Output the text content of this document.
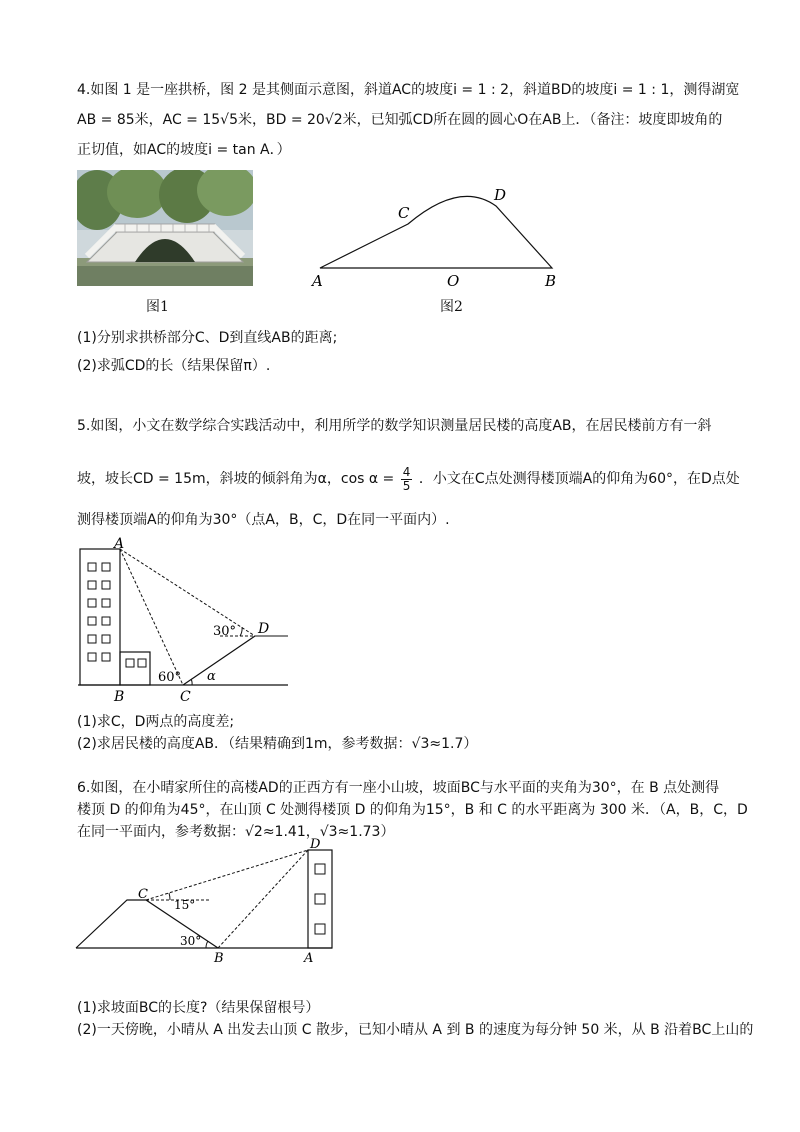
4.如图 1 是一座拱桥，图 2 是其侧面示意图，斜道AC的坡度i = 1 : 2，斜道BD的坡度i = 1 : 1，测得湖宽
AB = 85米，AC = 15√5米，BD = 20√2米，已知弧CD所在圆的圆心O在AB上．（备注：坡度即坡角的
正切值，如AC的坡度i = tan A．）
图1
A	O	B
C
D
图2
(1)分别求拱桥部分C、D到直线AB的距离;
(2)求弧CD的长（结果保留π）.
5.如图，小文在数学综合实践活动中，利用所学的数学知识测量居民楼的高度AB，在居民楼前方有一斜
坡，坡长CD = 15m，斜坡的倾斜角为α，$\cos \alpha = \frac{4}{5}$ ．小文在C点处测得楼顶端A的仰角为60°，在D点处
测得楼顶端A的仰角为30°（点A，B，C，D在同一平面内）.
A
B	C
D
30°
60° α
(1)求C，D两点的高度差;
(2)求居民楼的高度AB．（结果精确到1m，参考数据：√3≈1.7）
6.如图，在小晴家所住的高楼AD的正西方有一座小山坡，坡面BC与水平面的夹角为30°，在 B 点处测得
楼顶 D 的仰角为45°，在山顶 C 处测得楼顶 D 的仰角为15°，B 和 C 的水平距离为 300 米．（A，B，C，D
在同一平面内，参考数据：√2≈1.41，√3≈1.73）
D
C
B	A
15°
30°
(1)求坡面BC的长度?（结果保留根号）
(2)一天傍晚，小晴从 A 出发去山顶 C 散步，已知小晴从 A 到 B 的速度为每分钟 50 米，从 B 沿着BC上山的
